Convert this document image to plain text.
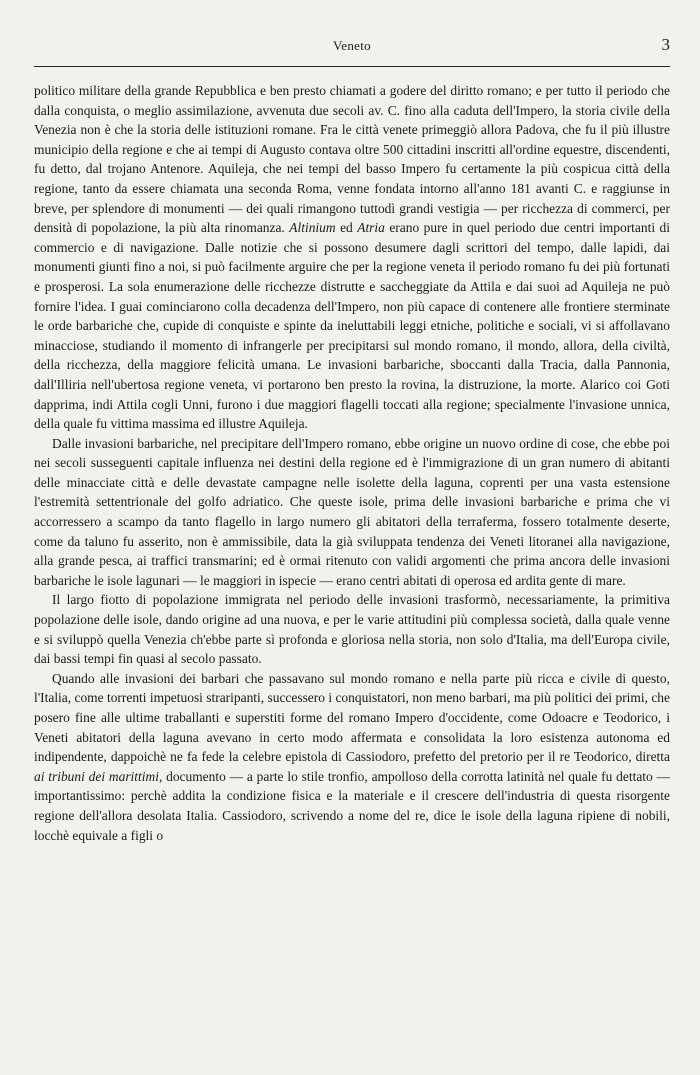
Veneto	3

politico militare della grande Repubblica e ben presto chiamati a godere del diritto romano; e per tutto il periodo che dalla conquista, o meglio assimilazione, avvenuta due secoli av. C. fino alla caduta dell'Impero, la storia civile della Venezia non è che la storia delle istituzioni romane. Fra le città venete primeggiò allora Padova, che fu il più illustre municipio della regione e che ai tempi di Augusto contava oltre 500 cittadini inscritti all'ordine equestre, discendenti, fu detto, dal trojano Antenore. Aquileja, che nei tempi del basso Impero fu certamente la più cospicua città della regione, tanto da essere chiamata una seconda Roma, venne fondata intorno all'anno 181 avanti C. e raggiunse in breve, per splendore di monumenti — dei quali rimangono tuttodì grandi vestigia — per ricchezza di commerci, per densità di popolazione, la più alta rinomanza. Altinium ed Atria erano pure in quel periodo due centri importanti di commercio e di navigazione. Dalle notizie che si possono desumere dagli scrittori del tempo, dalle lapidi, dai monumenti giunti fino a noi, si può facilmente arguire che per la regione veneta il periodo romano fu dei più fortunati e prosperosi. La sola enumerazione delle ricchezze distrutte e saccheggiate da Attila e dai suoi ad Aquileja ne può fornire l'idea. I guai cominciarono colla decadenza dell'Impero, non più capace di contenere alle frontiere sterminate le orde barbariche che, cupide di conquiste e spinte da ineluttabili leggi etniche, politiche e sociali, vi si affollavano minacciose, studiando il momento di infrangerle per precipitarsi sul mondo romano, il mondo, allora, della civiltà, della ricchezza, della maggiore felicità umana. Le invasioni barbariche, sboccanti dalla Tracia, dalla Pannonia, dall'Illiria nell'ubertosa regione veneta, vi portarono ben presto la rovina, la distruzione, la morte. Alarico coi Goti dapprima, indi Attila cogli Unni, furono i due maggiori flagelli toccati alla regione; specialmente l'invasione unnica, della quale fu vittima massima ed illustre Aquileja.

Dalle invasioni barbariche, nel precipitare dell'Impero romano, ebbe origine un nuovo ordine di cose, che ebbe poi nei secoli susseguenti capitale influenza nei destini della regione ed è l'immigrazione di un gran numero di abitanti delle minacciate città e delle devastate campagne nelle isolette della laguna, coprenti per una vasta estensione l'estremità settentrionale del golfo adriatico. Che queste isole, prima delle invasioni barbariche e prima che vi accorressero a scampo da tanto flagello in largo numero gli abitatori della terraferma, fossero totalmente deserte, come da taluno fu asserito, non è ammissibile, data la già sviluppata tendenza dei Veneti litoranei alla navigazione, alla grande pesca, ai traffici transmarini; ed è ormai ritenuto con validi argomenti che prima ancora delle invasioni barbariche le isole lagunari — le maggiori in ispecie — erano centri abitati di operosa ed ardita gente di mare.

Il largo fiotto di popolazione immigrata nel periodo delle invasioni trasformò, necessariamente, la primitiva popolazione delle isole, dando origine ad una nuova, e per le varie attitudini più complessa società, dalla quale venne e si sviluppò quella Venezia ch'ebbe parte sì profonda e gloriosa nella storia, non solo d'Italia, ma dell'Europa civile, dai bassi tempi fin quasi al secolo passato.

Quando alle invasioni dei barbari che passavano sul mondo romano e nella parte più ricca e civile di questo, l'Italia, come torrenti impetuosi straripanti, successero i conquistatori, non meno barbari, ma più politici dei primi, che posero fine alle ultime traballanti e superstiti forme del romano Impero d'occidente, come Odoacre e Teodorico, i Veneti abitatori della laguna avevano in certo modo affermata e consolidata la loro esistenza autonoma ed indipendente, dappoichè ne fa fede la celebre epistola di Cassiodoro, prefetto del pretorio per il re Teodorico, diretta ai tribuni dei marittimi, documento — a parte lo stile tronfio, ampolloso della corrotta latinità nel quale fu dettato — importantissimo: perchè addita la condizione fisica e la materiale e il crescere dell'industria di questa risorgente regione dell'allora desolata Italia. Cassiodoro, scrivendo a nome del re, dice le isole della laguna ripiene di nobili, locchè equivale a figli o
